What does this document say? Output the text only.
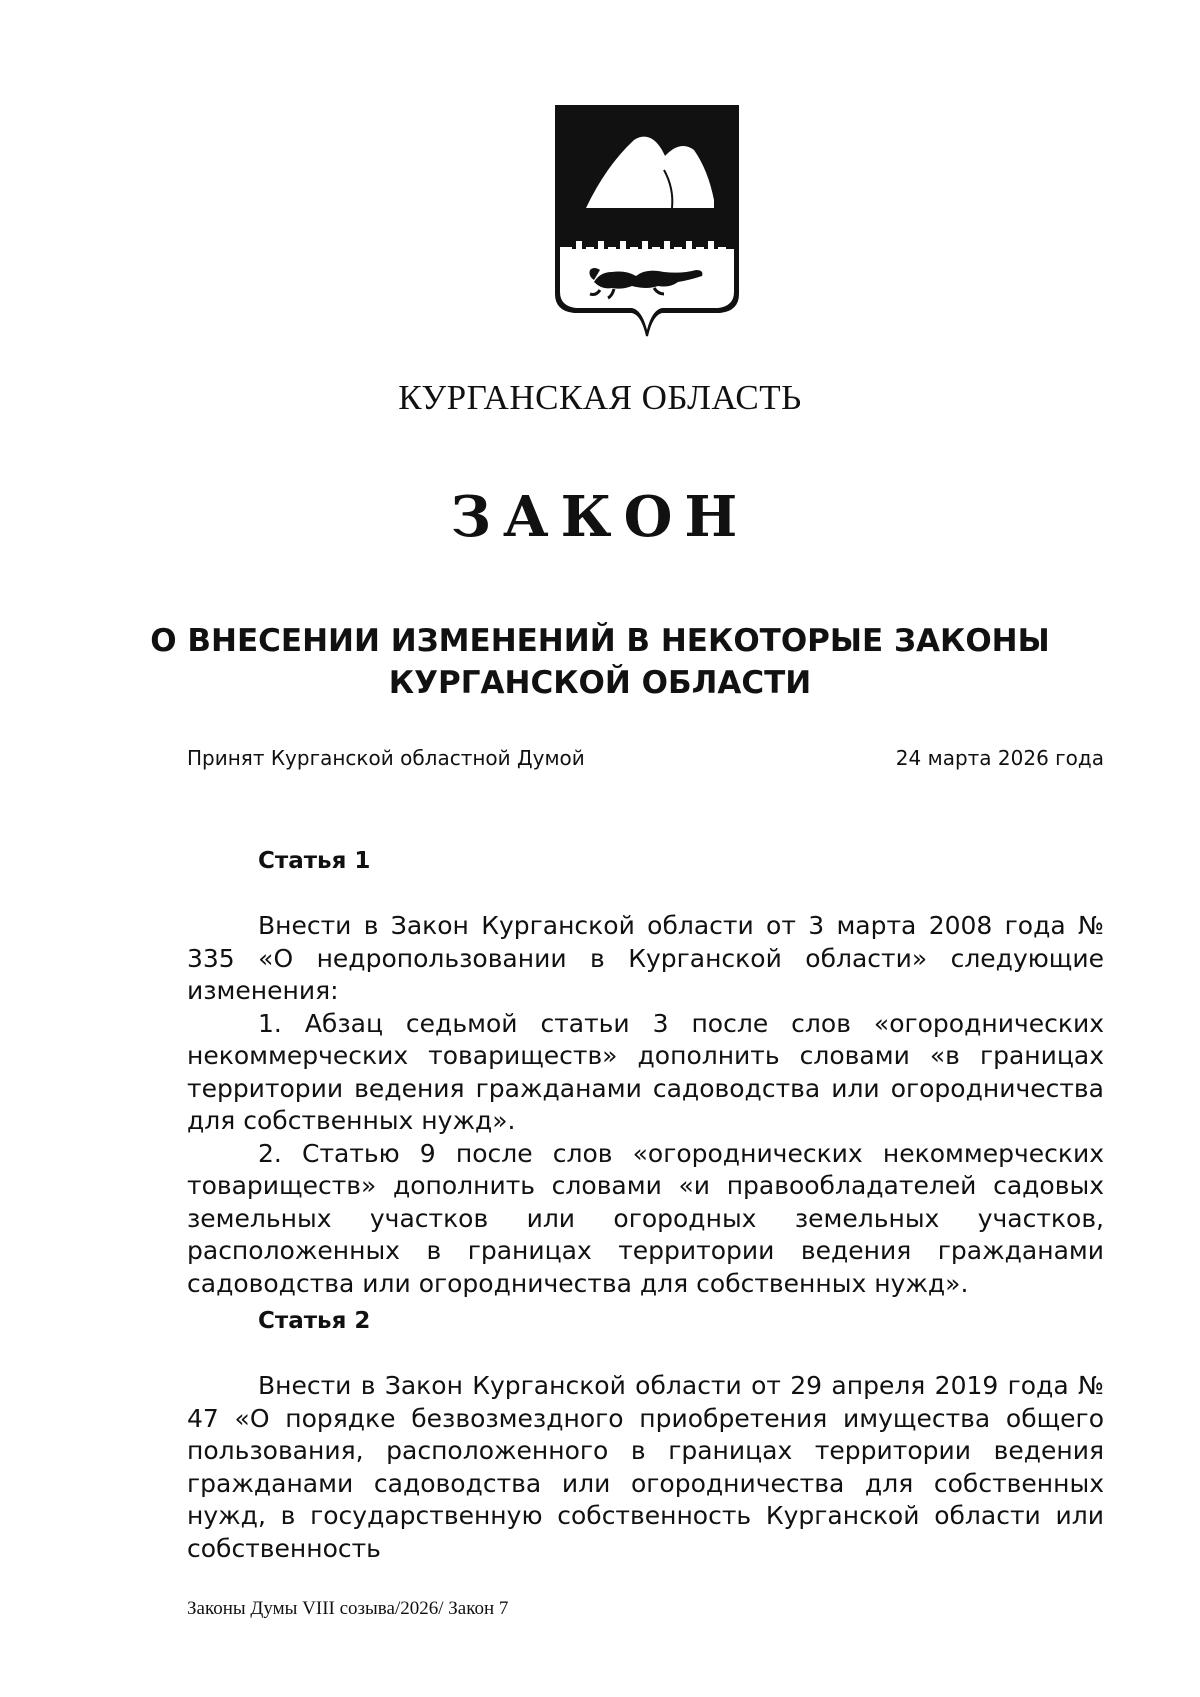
КУРГАНСКАЯ ОБЛАСТЬ
ЗАКОН
О ВНЕСЕНИИ ИЗМЕНЕНИЙ В НЕКОТОРЫЕ ЗАКОНЫ
КУРГАНСКОЙ ОБЛАСТИ
Принят Курганской областной Думой	24 марта 2026 года
Статья 1

Внести в Закон Курганской области от 3 марта 2008 года № 335 «О недропользовании в Курганской области» следующие изменения:

1. Абзац седьмой статьи 3 после слов «огороднических некоммерческих товариществ» дополнить словами «в границах территории ведения гражданами садоводства или огородничества для собственных нужд».

2. Статью 9 после слов «огороднических некоммерческих товариществ» дополнить словами «и правообладателей садовых земельных участков или огородных земельных участков, расположенных в границах территории ведения гражданами садоводства или огородничества для собственных нужд».

Статья 2

Внести в Закон Курганской области от 29 апреля 2019 года № 47 «О порядке безвозмездного приобретения имущества общего пользования, расположенного в границах территории ведения гражданами садоводства или огородничества для собственных нужд, в государственную собственность Курганской области или собственность

Законы Думы VIII созыва/2026/ Закон 7
